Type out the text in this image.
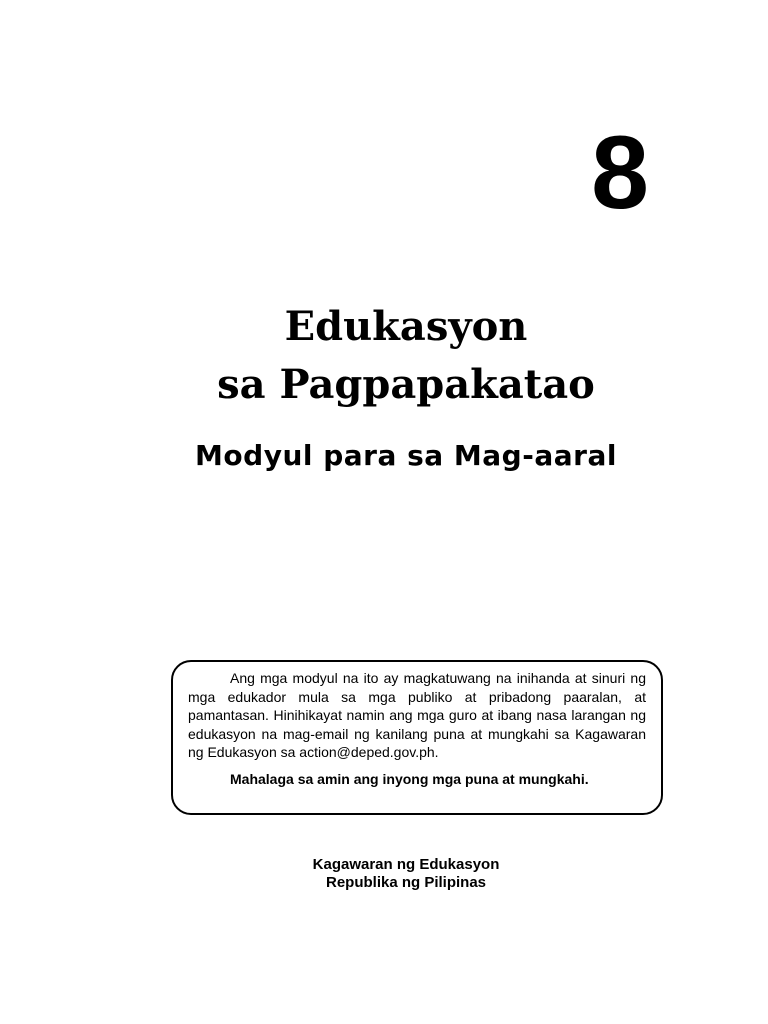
8
Edukasyon
sa Pagpapakatao
Modyul para sa Mag-aaral

Ang mga modyul na ito ay magkatuwang na inihanda at sinuri ng mga edukador mula sa mga publiko at pribadong paaralan, at pamantasan. Hinihikayat namin ang mga guro at ibang nasa larangan ng edukasyon na mag-email ng kanilang puna at mungkahi sa Kagawaran ng Edukasyon sa action@deped.gov.ph.

Mahalaga sa amin ang inyong mga puna at mungkahi.

Kagawaran ng Edukasyon
Republika ng Pilipinas
